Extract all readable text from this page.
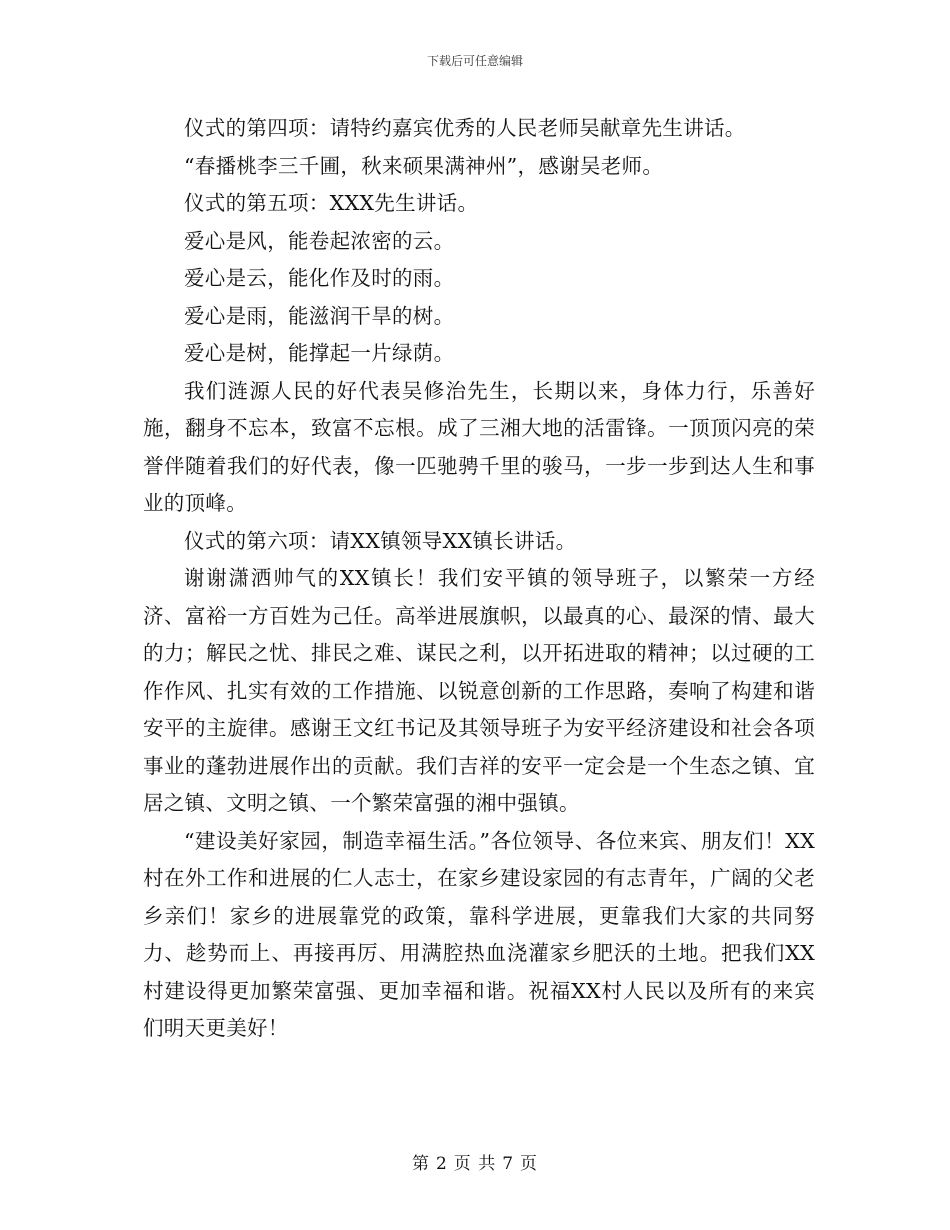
下载后可任意编辑

仪式的第四项：请特约嘉宾优秀的人民老师吴献章先生讲话。

“春播桃李三千圃，秋来硕果满神州”，感谢吴老师。

仪式的第五项：XXX先生讲话。

爱心是风，能卷起浓密的云。

爱心是云，能化作及时的雨。

爱心是雨，能滋润干旱的树。

爱心是树，能撑起一片绿荫。

我们涟源人民的好代表吴修治先生，长期以来，身体力行，乐善好施，翻身不忘本，致富不忘根。成了三湘大地的活雷锋。一顶顶闪亮的荣誉伴随着我们的好代表，像一匹驰骋千里的骏马，一步一步到达人生和事业的顶峰。

仪式的第六项：请XX镇领导XX镇长讲话。

谢谢潇洒帅气的XX镇长！我们安平镇的领导班子，以繁荣一方经济、富裕一方百姓为己任。高举进展旗帜，以最真的心、最深的情、最大的力；解民之忧、排民之难、谋民之利，以开拓进取的精神；以过硬的工作作风、扎实有效的工作措施、以锐意创新的工作思路，奏响了构建和谐安平的主旋律。感谢王文红书记及其领导班子为安平经济建设和社会各项事业的蓬勃进展作出的贡献。我们吉祥的安平一定会是一个生态之镇、宜居之镇、文明之镇、一个繁荣富强的湘中强镇。

“建设美好家园，制造幸福生活。”各位领导、各位来宾、朋友们！XX村在外工作和进展的仁人志士，在家乡建设家园的有志青年，广阔的父老乡亲们！家乡的进展靠党的政策，靠科学进展，更靠我们大家的共同努力、趁势而上、再接再厉、用满腔热血浇灌家乡肥沃的土地。把我们XX村建设得更加繁荣富强、更加幸福和谐。祝福XX村人民以及所有的来宾们明天更美好！

第 2 页 共 7 页
